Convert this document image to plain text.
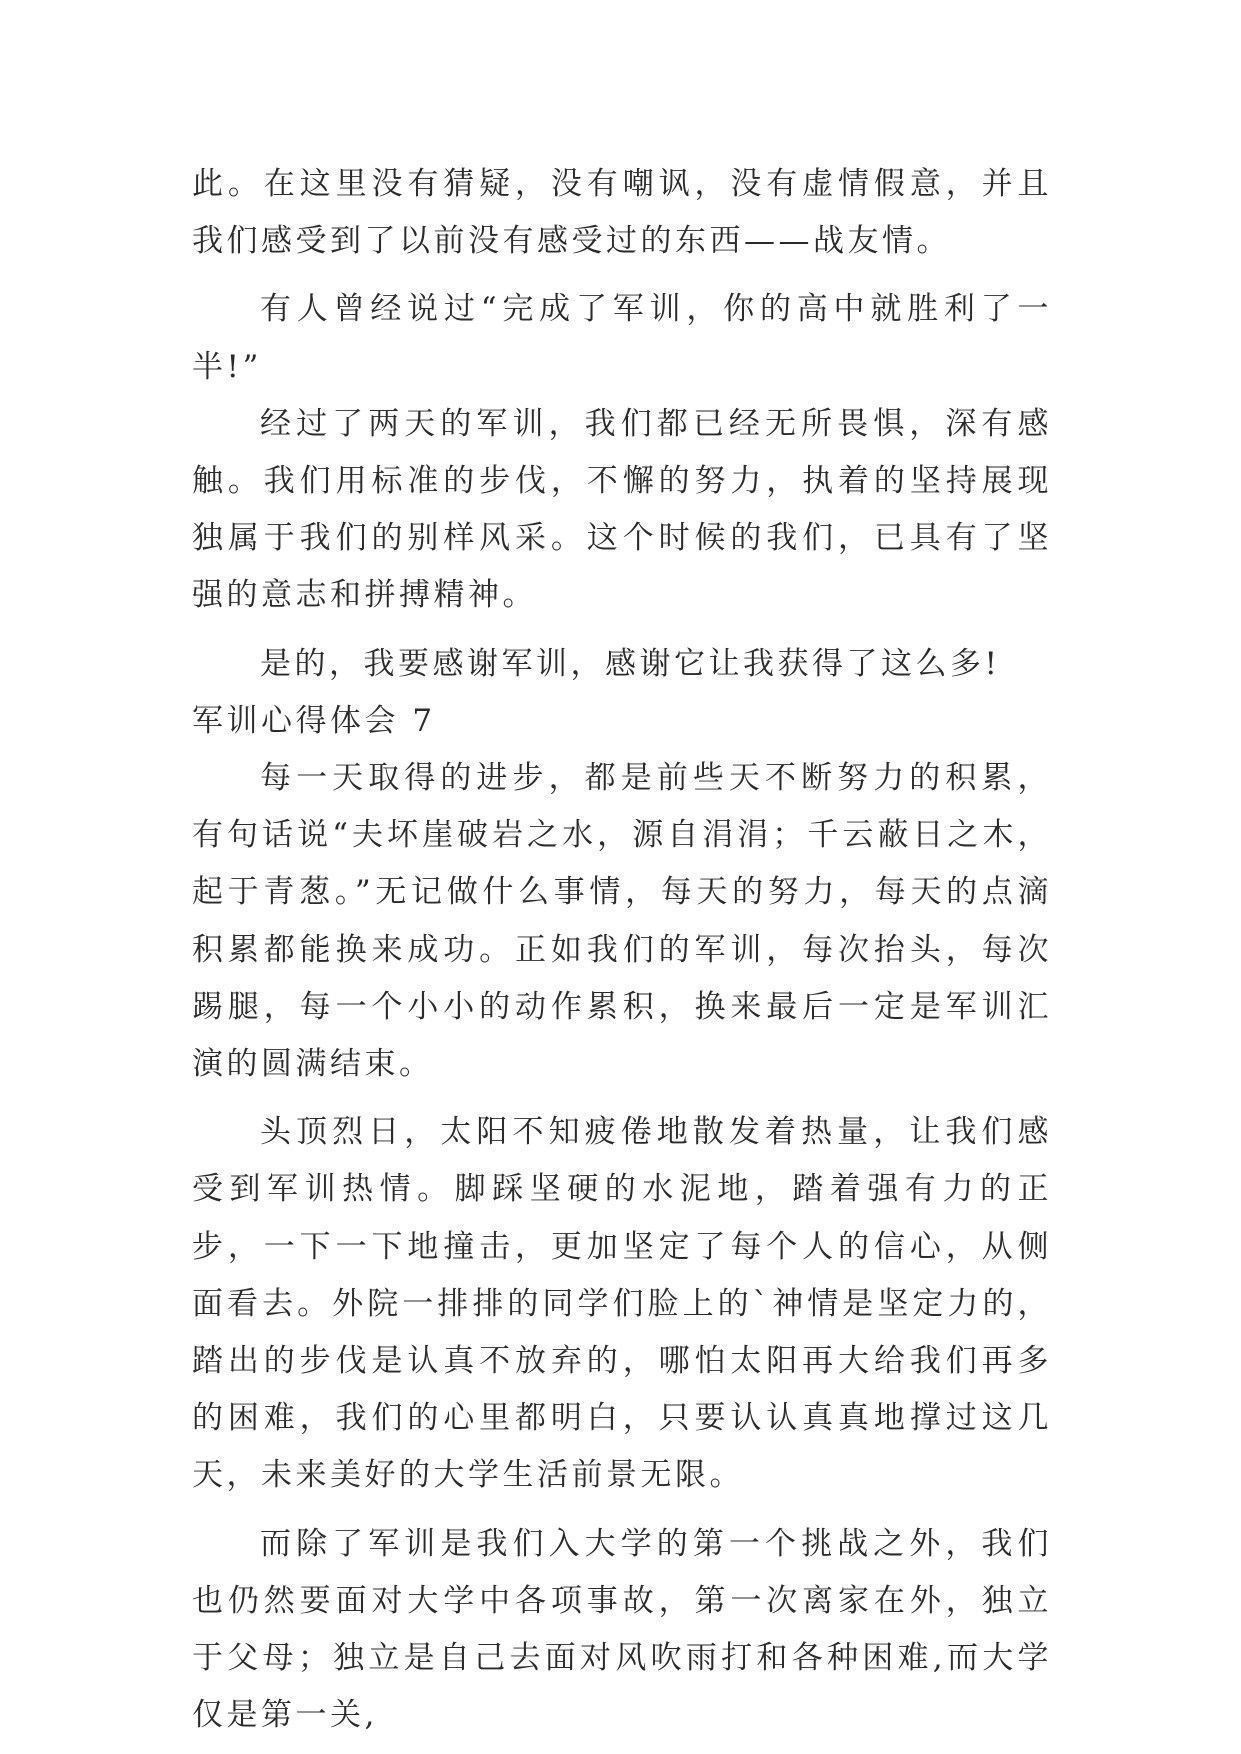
此。在这里没有猜疑，没有嘲讽，没有虚情假意，并且我们感受到了以前没有感受过的东西——战友情。

有人曾经说过“完成了军训，你的高中就胜利了一半!”

经过了两天的军训，我们都已经无所畏惧，深有感触。我们用标准的步伐，不懈的努力，执着的坚持展现独属于我们的别样风采。这个时候的我们，已具有了坚强的意志和拼搏精神。

是的，我要感谢军训，感谢它让我获得了这么多!

军训心得体会 7

每一天取得的进步，都是前些天不断努力的积累，有句话说“夫坏崖破岩之水，源自涓涓；千云蔽日之木，起于青葱。”无记做什么事情，每天的努力，每天的点滴积累都能换来成功。正如我们的军训，每次抬头，每次踢腿，每一个小小的动作累积，换来最后一定是军训汇演的圆满结束。

头顶烈日，太阳不知疲倦地散发着热量，让我们感受到军训热情。脚踩坚硬的水泥地，踏着强有力的正步，一下一下地撞击，更加坚定了每个人的信心，从侧面看去。外院一排排的同学们脸上的`神情是坚定力的，踏出的步伐是认真不放弃的，哪怕太阳再大给我们再多的困难，我们的心里都明白，只要认认真真地撑过这几天，未来美好的大学生活前景无限。

而除了军训是我们入大学的第一个挑战之外，我们也仍然要面对大学中各项事故，第一次离家在外，独立于父母；独立是自己去面对风吹雨打和各种困难,而大学仅是第一关,
